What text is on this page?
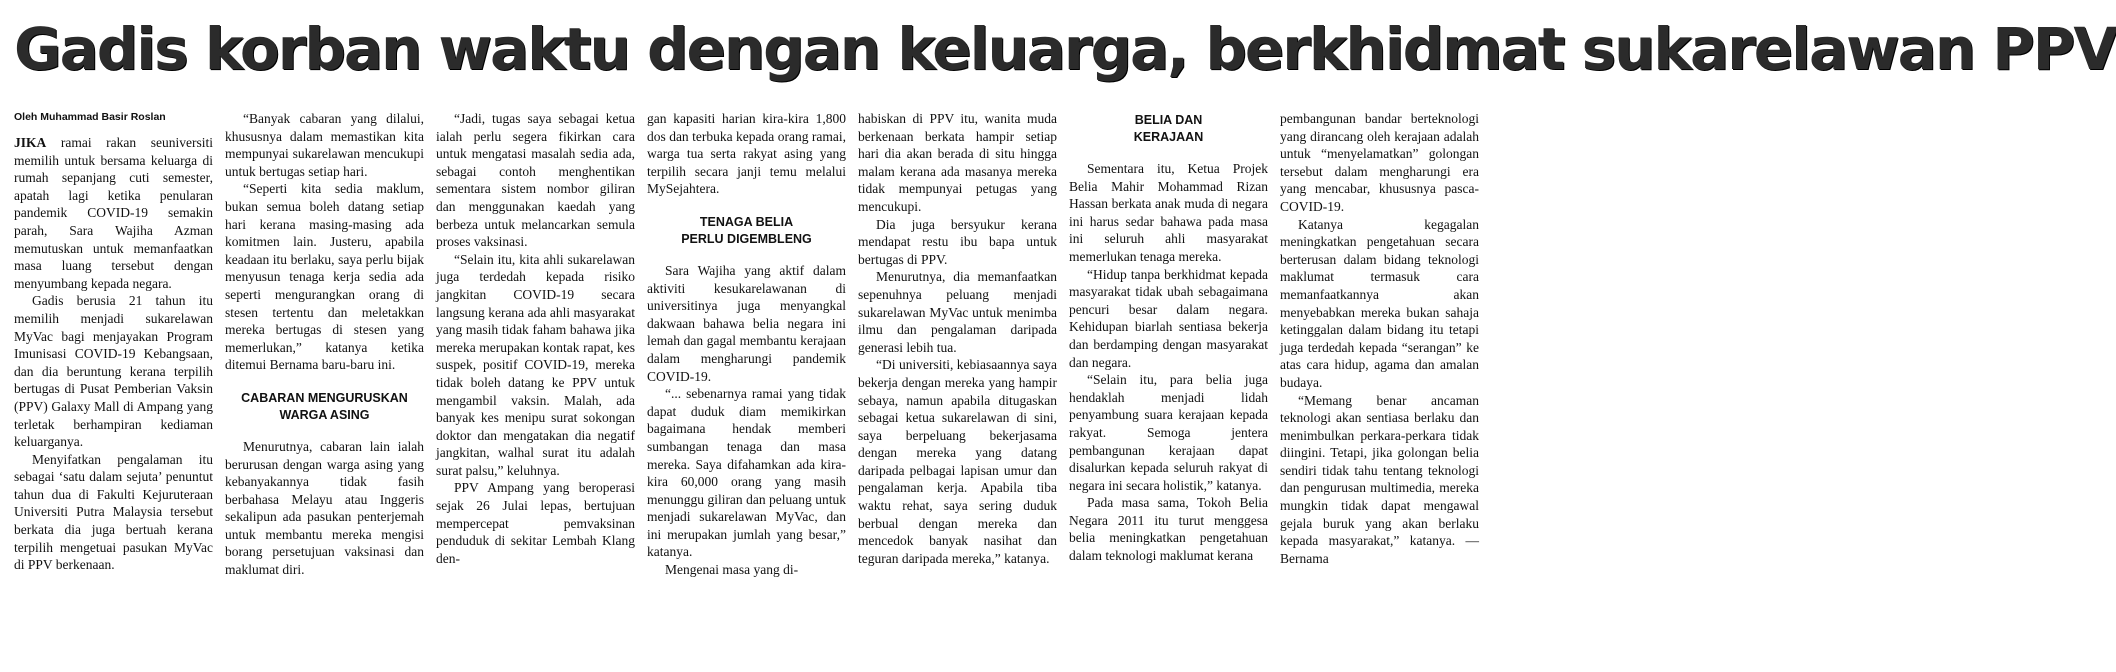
Gadis korban waktu dengan keluarga, berkhidmat sukarelawan PPV
Oleh Muhammad Basir Roslan

JIKA ramai rakan seuniversiti memilih untuk bersama keluarga di rumah sepanjang cuti semester, apatah lagi ketika penularan pandemik COVID-19 semakin parah, Sara Wajiha Azman memutuskan untuk memanfaatkan masa luang tersebut dengan menyumbang kepada negara.

Gadis berusia 21 tahun itu memilih menjadi sukarelawan MyVac bagi menjayakan Program Imunisasi COVID-19 Kebangsaan, dan dia beruntung kerana terpilih bertugas di Pusat Pemberian Vaksin (PPV) Galaxy Mall di Ampang yang terletak berhampiran kediaman keluarganya.

Menyifatkan pengalaman itu sebagai ‘satu dalam sejuta’ penuntut tahun dua di Fakulti Kejuruteraan Universiti Putra Malaysia tersebut berkata dia juga bertuah kerana terpilih mengetuai pasukan MyVac di PPV berkenaan.

“Banyak cabaran yang dilalui, khususnya dalam memastikan kita mempunyai sukarelawan mencukupi untuk bertugas setiap hari.

“Seperti kita sedia maklum, bukan semua boleh datang setiap hari kerana masing-masing ada komitmen lain. Justeru, apabila keadaan itu berlaku, saya perlu bijak menyusun tenaga kerja sedia ada seperti mengurangkan orang di stesen tertentu dan meletakkan mereka bertugas di stesen yang memerlukan,” katanya ketika ditemui Bernama baru-baru ini.

CABARAN MENGURUSKAN
WARGA ASING

Menurutnya, cabaran lain ialah berurusan dengan warga asing yang kebanyakannya tidak fasih berbahasa Melayu atau Inggeris sekalipun ada pasukan penterjemah untuk membantu mereka mengisi borang persetujuan vaksinasi dan maklumat diri.

“Jadi, tugas saya sebagai ketua ialah perlu segera fikirkan cara untuk mengatasi masalah sedia ada, sebagai contoh menghentikan sementara sistem nombor giliran dan menggunakan kaedah yang berbeza untuk melancarkan semula proses vaksinasi.

“Selain itu, kita ahli sukarelawan juga terdedah kepada risiko jangkitan COVID-19 secara langsung kerana ada ahli masyarakat yang masih tidak faham bahawa jika mereka merupakan kontak rapat, kes suspek, positif COVID-19, mereka tidak boleh datang ke PPV untuk mengambil vaksin. Malah, ada banyak kes menipu surat sokongan doktor dan mengatakan dia negatif jangkitan, walhal surat itu adalah surat palsu,” keluhnya.

PPV Ampang yang beroperasi sejak 26 Julai lepas, bertujuan mempercepat pemvaksinan penduduk di sekitar Lembah Klang den-

gan kapasiti harian kira-kira 1,800 dos dan terbuka kepada orang ramai, warga tua serta rakyat asing yang terpilih secara janji temu melalui MySejahtera.

TENAGA BELIA
PERLU DIGEMBLENG

Sara Wajiha yang aktif dalam aktiviti kesukarelawanan di universitinya juga menyangkal dakwaan bahawa belia negara ini lemah dan gagal membantu kerajaan dalam mengharungi pandemik COVID-19.

“... sebenarnya ramai yang tidak dapat duduk diam memikirkan bagaimana hendak memberi sumbangan tenaga dan masa mereka. Saya difahamkan ada kira-kira 60,000 orang yang masih menunggu giliran dan peluang untuk menjadi sukarelawan MyVac, dan ini merupakan jumlah yang besar,” katanya.

Mengenai masa yang di-

habiskan di PPV itu, wanita muda berkenaan berkata hampir setiap hari dia akan berada di situ hingga malam kerana ada masanya mereka tidak mempunyai petugas yang mencukupi.

Dia juga bersyukur kerana mendapat restu ibu bapa untuk bertugas di PPV.

Menurutnya, dia memanfaatkan sepenuhnya peluang menjadi sukarelawan MyVac untuk menimba ilmu dan pengalaman daripada generasi lebih tua.

“Di universiti, kebiasaannya saya bekerja dengan mereka yang hampir sebaya, namun apabila ditugaskan sebagai ketua sukarelawan di sini, saya berpeluang bekerjasama dengan mereka yang datang daripada pelbagai lapisan umur dan pengalaman kerja. Apabila tiba waktu rehat, saya sering duduk berbual dengan mereka dan mencedok banyak nasihat dan teguran daripada mereka,” katanya.

BELIA DAN
KERAJAAN

Sementara itu, Ketua Projek Belia Mahir Mohammad Rizan Hassan berkata anak muda di negara ini harus sedar bahawa pada masa ini seluruh ahli masyarakat memerlukan tenaga mereka.

“Hidup tanpa berkhidmat kepada masyarakat tidak ubah sebagaimana pencuri besar dalam negara. Kehidupan biarlah sentiasa bekerja dan berdamping dengan masyarakat dan negara.

“Selain itu, para belia juga hendaklah menjadi lidah penyambung suara kerajaan kepada rakyat. Semoga jentera pembangunan kerajaan dapat disalurkan kepada seluruh rakyat di negara ini secara holistik,” katanya.

Pada masa sama, Tokoh Belia Negara 2011 itu turut menggesa belia meningkatkan pengetahuan dalam teknologi maklumat kerana

pembangunan bandar berteknologi yang dirancang oleh kerajaan adalah untuk “menyelamatkan” golongan tersebut dalam mengharungi era yang mencabar, khususnya pasca-COVID-19.

Katanya kegagalan meningkatkan pengetahuan secara berterusan dalam bidang teknologi maklumat termasuk cara memanfaatkannya akan menyebabkan mereka bukan sahaja ketinggalan dalam bidang itu tetapi juga terdedah kepada “serangan” ke atas cara hidup, agama dan amalan budaya.

“Memang benar ancaman teknologi akan sentiasa berlaku dan menimbulkan perkara-perkara tidak diingini. Tetapi, jika golongan belia sendiri tidak tahu tentang teknologi dan pengurusan multimedia, mereka mungkin tidak dapat mengawal gejala buruk yang akan berlaku kepada masyarakat,” katanya. — Bernama
